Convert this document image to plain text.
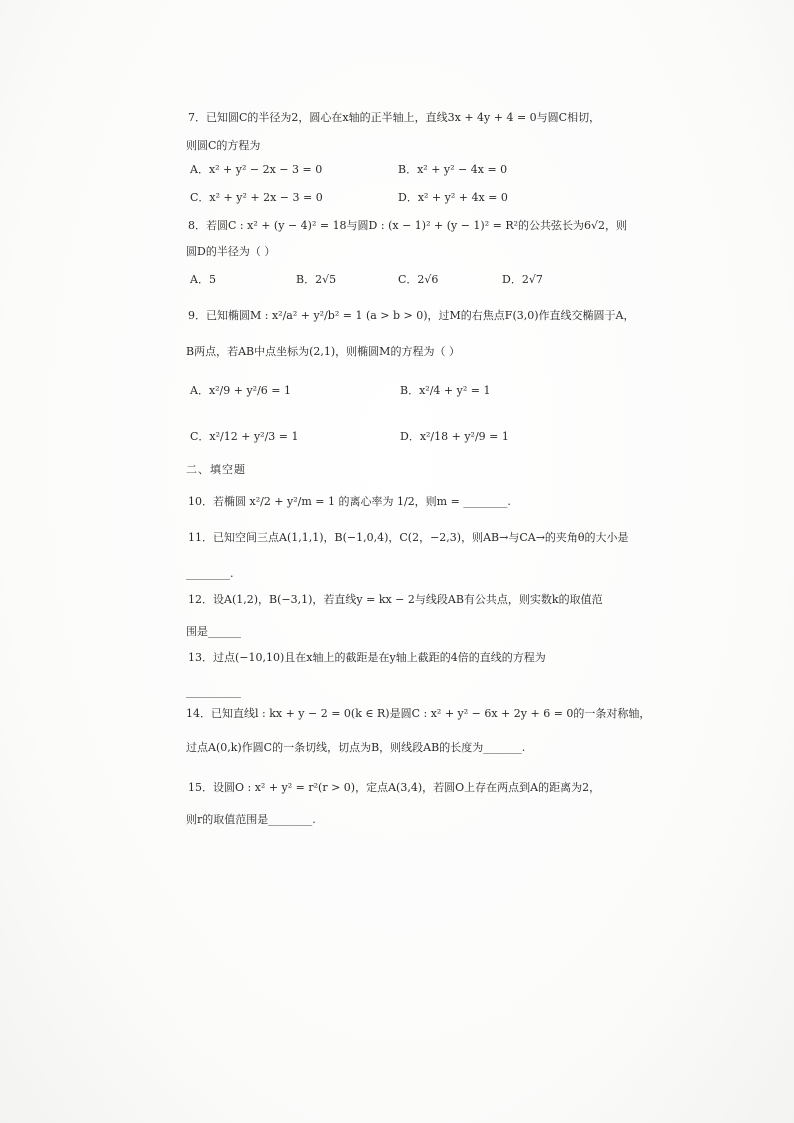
7．已知圆C的半径为2，圆心在x轴的正半轴上，直线3x + 4y + 4 = 0与圆C相切，
则圆C的方程为
A．x² + y² − 2x − 3 = 0	B．x² + y² − 4x = 0
C．x² + y² + 2x − 3 = 0	D．x² + y² + 4x = 0
8．若圆C : x² + (y − 4)² = 18与圆D : (x − 1)² + (y − 1)² = R²的公共弦长为6√2，则
圆D的半径为（ ）
A．5	B．2√5	C．2√6	D．2√7
9．已知椭圆M : x²/a² + y²/b² = 1 (a > b > 0)，过M的右焦点F(3,0)作直线交椭圆于A，
B两点，若AB中点坐标为(2,1)，则椭圆M的方程为（ ）
A．x²/9 + y²/6 = 1	B．x²/4 + y² = 1
C．x²/12 + y²/3 = 1	D．x²/18 + y²/9 = 1
二、填空题
10．若椭圆 x²/2 + y²/m = 1 的离心率为 1/2，则m = ________.
11．已知空间三点A(1,1,1)，B(−1,0,4)，C(2，−2,3)，则AB→与CA→的夹角θ的大小是
________.
12．设A(1,2)，B(−3,1)，若直线y = kx − 2与线段AB有公共点，则实数k的取值范
围是______
13．过点(−10,10)且在x轴上的截距是在y轴上截距的4倍的直线的方程为
__________
14．已知直线l : kx + y − 2 = 0(k ∈ R)是圆C : x² + y² − 6x + 2y + 6 = 0的一条对称轴，
过点A(0,k)作圆C的一条切线，切点为B，则线段AB的长度为_______.
15．设圆O : x² + y² = r²(r > 0)，定点A(3,4)，若圆O上存在两点到A的距离为2，
则r的取值范围是________.
